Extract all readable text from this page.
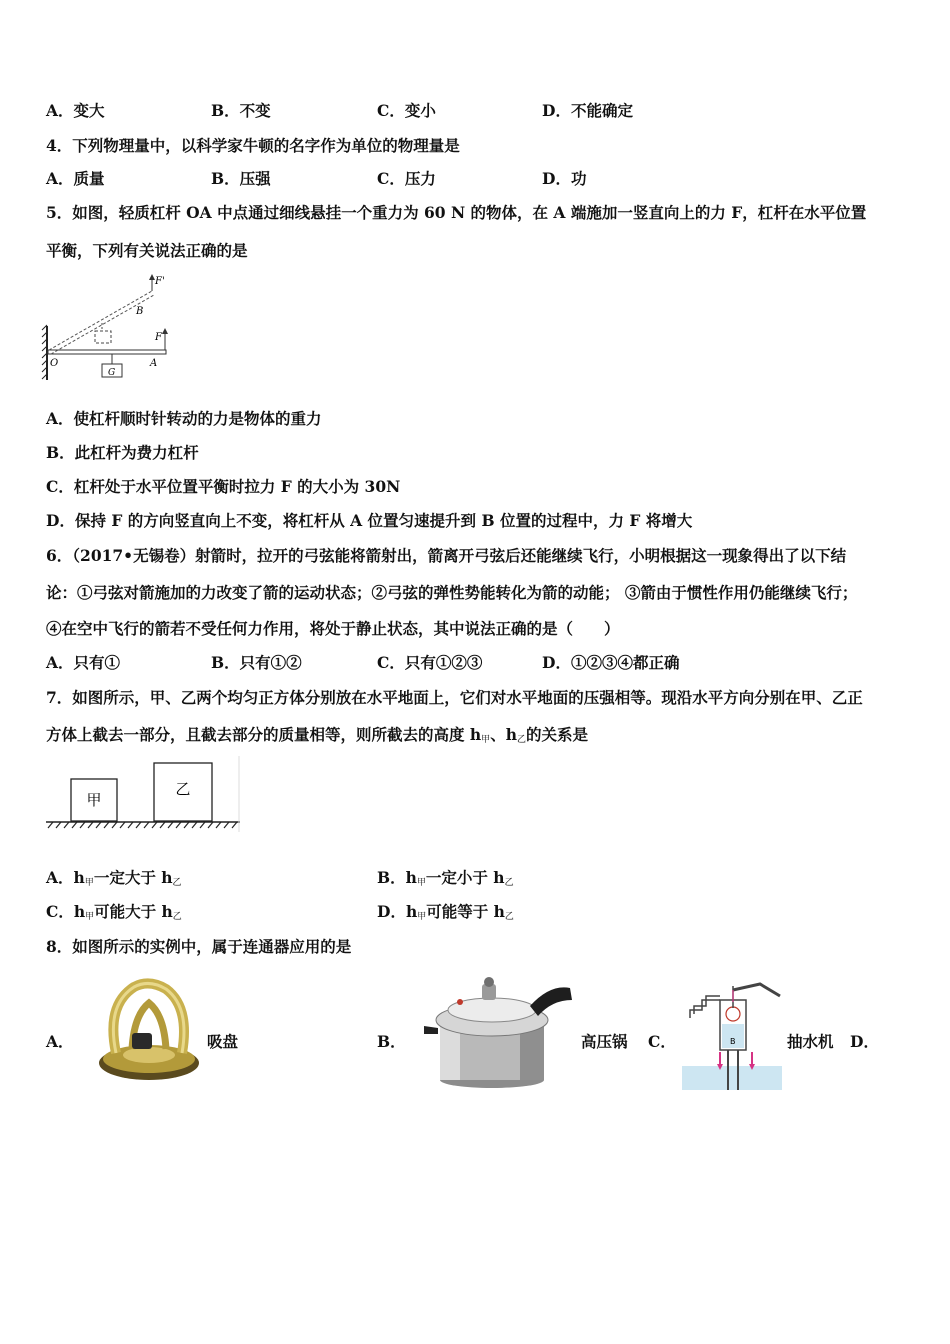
A．变大	B．不变	C．变小	D．不能确定
4．下列物理量中，以科学家牛顿的名字作为单位的物理量是
A．质量	B．压强	C．压力	D．功
5．如图，轻质杠杆 OA 中点通过细线悬挂一个重力为 60 N 的物体，在 A 端施加一竖直向上的力 F，杠杆在水平位置
平衡，下列有关说法正确的是
G
F
F'
B
O	A
A．使杠杆顺时针转动的力是物体的重力
B．此杠杆为费力杠杆
C．杠杆处于水平位置平衡时拉力 F 的大小为 30N
D．保持 F 的方向竖直向上不变，将杠杆从 A 位置匀速提升到 B 位置的过程中，力 F 将增大
6．（2017•无锡卷）射箭时，拉开的弓弦能将箭射出，箭离开弓弦后还能继续飞行，小明根据这一现象得出了以下结
论：①弓弦对箭施加的力改变了箭的运动状态；②弓弦的弹性势能转化为箭的动能； ③箭由于惯性作用仍能继续飞行；
④在空中飞行的箭若不受任何力作用，将处于静止状态，其中说法正确的是（　　）
A．只有①	B．只有①②	C．只有①②③	D．①②③④都正确
7．如图所示，甲、乙两个均匀正方体分别放在水平地面上，它们对水平地面的压强相等。现沿水平方向分别在甲、乙正
方体上截去一部分，且截去部分的质量相等，则所截去的高度 $h_甲$、$h_乙$的关系是
甲
乙
A．$h_甲$一定大于 $h_乙$	B．$h_甲$一定小于 $h_乙$
C．$h_甲$可能大于 $h_乙$	D．$h_甲$可能等于 $h_乙$
8．如图所示的实例中，属于连通器应用的是
A．	吸盘	B．	高压锅 C．	B	抽水机 D．
